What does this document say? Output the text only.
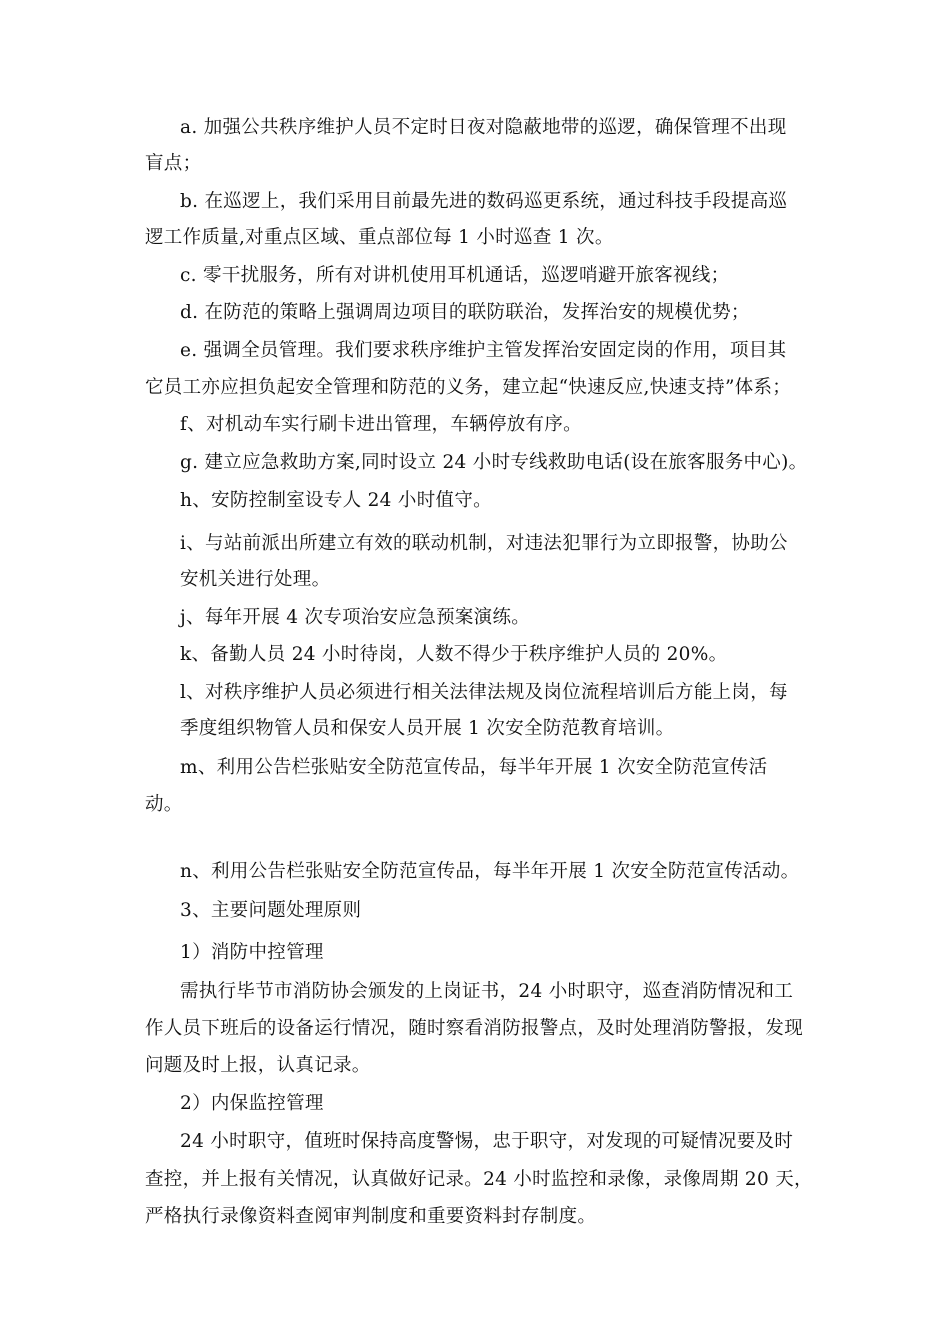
a. 加强公共秩序维护人员不定时日夜对隐蔽地带的巡逻，确保管理不出现
盲点；
b. 在巡逻上，我们采用目前最先进的数码巡更系统，通过科技手段提高巡
逻工作质量,对重点区域、重点部位每 1 小时巡查 1 次。
c. 零干扰服务，所有对讲机使用耳机通话，巡逻哨避开旅客视线；
d. 在防范的策略上强调周边项目的联防联治，发挥治安的规模优势；
e. 强调全员管理。我们要求秩序维护主管发挥治安固定岗的作用，项目其
它员工亦应担负起安全管理和防范的义务，建立起“快速反应,快速支持”体系；
f、对机动车实行刷卡进出管理，车辆停放有序。
g. 建立应急救助方案,同时设立 24 小时专线救助电话(设在旅客服务中心)。
h、安防控制室设专人 24 小时值守。
i、与站前派出所建立有效的联动机制，对违法犯罪行为立即报警，协助公
安机关进行处理。
j、每年开展 4 次专项治安应急预案演练。
k、备勤人员 24 小时待岗，人数不得少于秩序维护人员的 20%。
l、对秩序维护人员必须进行相关法律法规及岗位流程培训后方能上岗，每
季度组织物管人员和保安人员开展 1 次安全防范教育培训。
m、利用公告栏张贴安全防范宣传品，每半年开展 1 次安全防范宣传活
动。
n、利用公告栏张贴安全防范宣传品，每半年开展 1 次安全防范宣传活动。
3、主要问题处理原则
1）消防中控管理
需执行毕节市消防协会颁发的上岗证书，24 小时职守，巡查消防情况和工
作人员下班后的设备运行情况，随时察看消防报警点，及时处理消防警报，发现
问题及时上报，认真记录。
2）内保监控管理
24 小时职守，值班时保持高度警惕，忠于职守，对发现的可疑情况要及时
查控，并上报有关情况，认真做好记录。24 小时监控和录像，录像周期 20 天，
严格执行录像资料查阅审判制度和重要资料封存制度。
